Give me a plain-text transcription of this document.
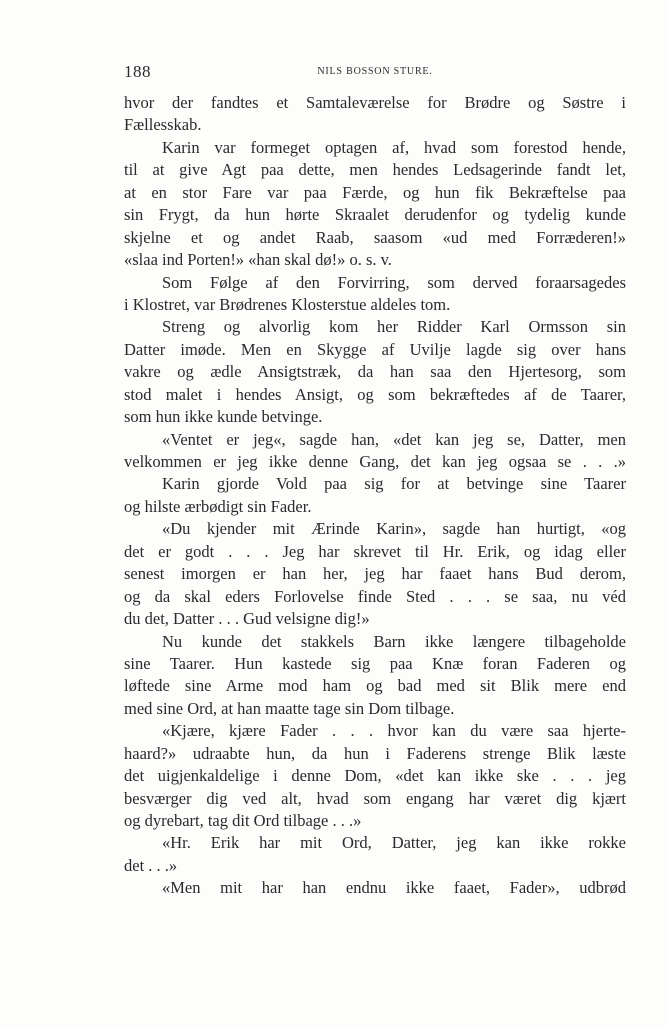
188	NILS BOSSON STURE.
hvor der fandtes et Samtaleværelse for Brødre og Søstre i
Fællesskab.
Karin var formeget optagen af, hvad som forestod hende,
til at give Agt paa dette, men hendes Ledsagerinde fandt let,
at en stor Fare var paa Færde, og hun fik Bekræftelse paa
sin Frygt, da hun hørte Skraalet derudenfor og tydelig kunde
skjelne et og andet Raab, saasom «ud med Forræderen!»
«slaa ind Porten!» «han skal dø!» o. s. v.
Som Følge af den Forvirring, som derved foraarsagedes
i Klostret, var Brødrenes Klosterstue aldeles tom.
Streng og alvorlig kom her Ridder Karl Ormsson sin
Datter imøde. Men en Skygge af Uvilje lagde sig over hans
vakre og ædle Ansigtstræk, da han saa den Hjertesorg, som
stod malet i hendes Ansigt, og som bekræftedes af de Taarer,
som hun ikke kunde betvinge.
«Ventet er jeg«, sagde han, «det kan jeg se, Datter, men
velkommen er jeg ikke denne Gang, det kan jeg ogsaa se . . .»
Karin gjorde Vold paa sig for at betvinge sine Taarer
og hilste ærbødigt sin Fader.
«Du kjender mit Ærinde Karin», sagde han hurtigt, «og
det er godt . . . Jeg har skrevet til Hr. Erik, og idag eller
senest imorgen er han her, jeg har faaet hans Bud derom,
og da skal eders Forlovelse finde Sted . . . se saa, nu véd
du det, Datter . . . Gud velsigne dig!»
Nu kunde det stakkels Barn ikke længere tilbageholde
sine Taarer. Hun kastede sig paa Knæ foran Faderen og
løftede sine Arme mod ham og bad med sit Blik mere end
med sine Ord, at han maatte tage sin Dom tilbage.
«Kjære, kjære Fader . . . hvor kan du være saa hjerte-
haard?» udraabte hun, da hun i Faderens strenge Blik læste
det uigjenkaldelige i denne Dom, «det kan ikke ske . . . jeg
besværger dig ved alt, hvad som engang har været dig kjært
og dyrebart, tag dit Ord tilbage . . .»
«Hr. Erik har mit Ord, Datter, jeg kan ikke rokke
det . . .»
«Men mit har han endnu ikke faaet, Fader», udbrød
